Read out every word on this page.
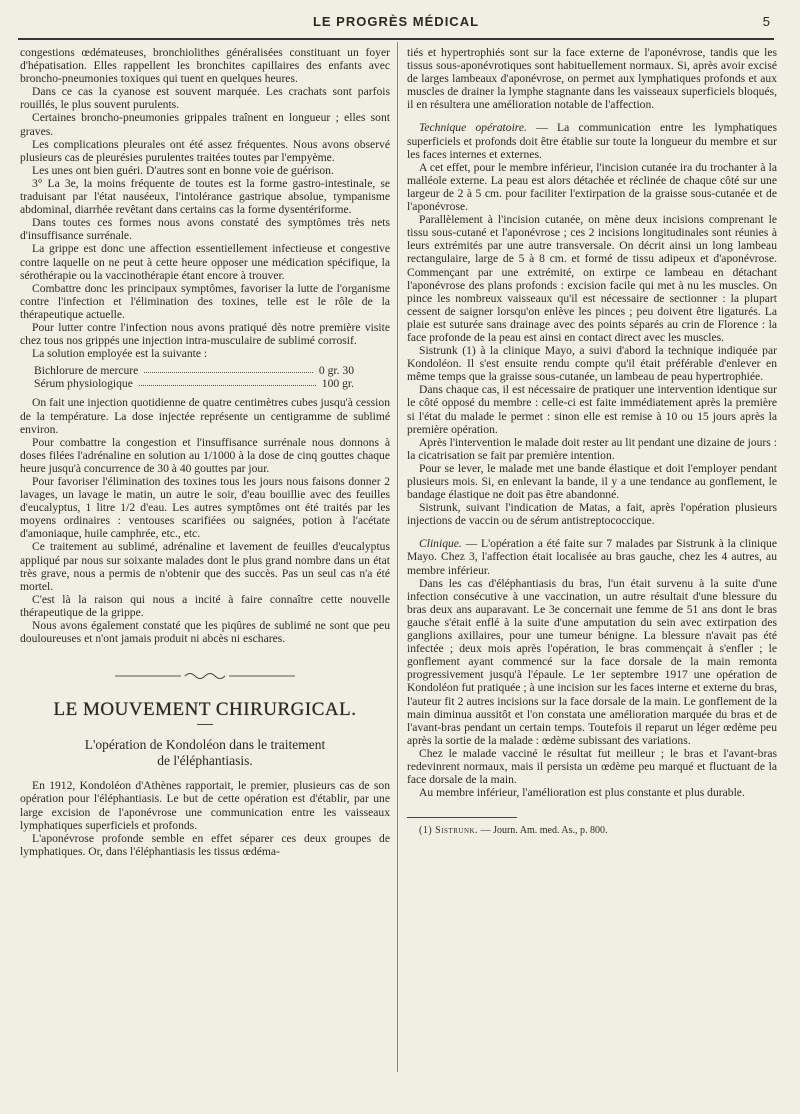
LE PROGRÈS MÉDICAL	5

congestions œdémateuses, bronchiolithes généralisées constituant un foyer d'hépatisation. Elles rappellent les bronchites capillaires des enfants avec broncho-pneumonies toxiques qui tuent en quelques heures.

Dans ce cas la cyanose est souvent marquée. Les crachats sont parfois rouillés, le plus souvent purulents.

Certaines broncho-pneumonies grippales traînent en longueur ; elles sont graves.

Les complications pleurales ont été assez fréquentes. Nous avons observé plusieurs cas de pleurésies purulentes traitées toutes par l'empyème.

Les unes ont bien guéri. D'autres sont en bonne voie de guérison.

3° La 3e, la moins fréquente de toutes est la forme gastro-intestinale, se traduisant par l'état nauséeux, l'intolérance gastrique absolue, tympanisme abdominal, diarrhée revêtant dans certains cas la forme dysentériforme.

Dans toutes ces formes nous avons constaté des symptômes très nets d'insuffisance surrénale.

La grippe est donc une affection essentiellement infectieuse et congestive contre laquelle on ne peut à cette heure opposer une médication spécifique, la sérothérapie ou la vaccinothérapie étant encore à trouver.

Combattre donc les principaux symptômes, favoriser la lutte de l'organisme contre l'infection et l'élimination des toxines, telle est le rôle de la thérapeutique actuelle.

Pour lutter contre l'infection nous avons pratiqué dès notre première visite chez tous nos grippés une injection intra-musculaire de sublimé corrosif.

La solution employée est la suivante :

Bichlorure de mercure	0 gr. 30
Sérum physiologique	100 gr.

On fait une injection quotidienne de quatre centimètres cubes jusqu'à cession de la température. La dose injectée représente un centigramme de sublimé environ.

Pour combattre la congestion et l'insuffisance surrénale nous donnons à doses filées l'adrénaline en solution au 1/1000 à la dose de cinq gouttes chaque heure jusqu'à concurrence de 30 à 40 gouttes par jour.

Pour favoriser l'élimination des toxines tous les jours nous faisons donner 2 lavages, un lavage le matin, un autre le soir, d'eau bouillie avec des feuilles d'eucalyptus, 1 litre 1/2 d'eau. Les autres symptômes ont été traités par les moyens ordinaires : ventouses scarifiées ou saignées, potion à l'acétate d'amoniaque, huile camphrée, etc., etc.

Ce traitement au sublimé, adrénaline et lavement de feuilles d'eucalyptus appliqué par nous sur soixante malades dont le plus grand nombre dans un état très grave, nous a permis de n'obtenir que des succès. Pas un seul cas n'a été mortel.

C'est là la raison qui nous a incité à faire connaître cette nouvelle thérapeutique de la grippe.

Nous avons également constaté que les piqûres de sublimé ne sont que peu douloureuses et n'ont jamais produit ni abcès ni eschares.

LE MOUVEMENT CHIRURGICAL.
L'opération de Kondoléon dans le traitement
de l'éléphantiasis.

En 1912, Kondoléon d'Athènes rapportait, le premier, plusieurs cas de son opération pour l'éléphantiasis. Le but de cette opération est d'établir, par une large excision de l'aponévrose une communication entre les vaisseaux lymphatiques superficiels et profonds.

L'aponévrose profonde semble en effet séparer ces deux groupes de lymphatiques. Or, dans l'éléphantiasis les tissus œdéma-

tiés et hypertrophiés sont sur la face externe de l'aponévrose, tandis que les tissus sous-aponévrotiques sont habituellement normaux. Si, après avoir excisé de larges lambeaux d'aponévrose, on permet aux lymphatiques profonds et aux muscles de drainer la lymphe stagnante dans les vaisseaux superficiels bloqués, il en résultera une amélioration notable de l'affection.

Technique opératoire. — La communication entre les lymphatiques superficiels et profonds doit être établie sur toute la longueur du membre et sur les faces internes et externes.

A cet effet, pour le membre inférieur, l'incision cutanée ira du trochanter à la malléole externe. La peau est alors détachée et réclinée de chaque côté sur une largeur de 2 à 5 cm. pour faciliter l'extirpation de la graisse sous-cutanée et de l'aponévrose.

Parallèlement à l'incision cutanée, on mène deux incisions comprenant le tissu sous-cutané et l'aponévrose ; ces 2 incisions longitudinales sont réunies à leurs extrémités par une autre transversale. On décrit ainsi un long lambeau rectangulaire, large de 5 à 8 cm. et formé de tissu adipeux et d'aponévrose. Commençant par une extrémité, on extirpe ce lambeau en détachant l'aponévrose des plans profonds : excision facile qui met à nu les muscles. On pince les nombreux vaisseaux qu'il est nécessaire de sectionner : la plupart cessent de saigner lorsqu'on enlève les pinces ; peu doivent être ligaturés. La plaie est suturée sans drainage avec des points séparés au crin de Florence : la face profonde de la peau est ainsi en contact direct avec les muscles.

Sistrunk (1) à la clinique Mayo, a suivi d'abord la technique indiquée par Kondoléon. Il s'est ensuite rendu compte qu'il était préférable d'enlever en même temps que la graisse sous-cutanée, un lambeau de peau hypertrophiée.

Dans chaque cas, il est nécessaire de pratiquer une intervention identique sur le côté opposé du membre : celle-ci est faite immédiatement après la première si l'état du malade le permet : sinon elle est remise à 10 ou 15 jours après la première opération.

Après l'intervention le malade doit rester au lit pendant une dizaine de jours : la cicatrisation se fait par première intention.

Pour se lever, le malade met une bande élastique et doit l'employer pendant plusieurs mois. Si, en enlevant la bande, il y a une tendance au gonflement, le bandage élastique ne doit pas être abandonné.

Sistrunk, suivant l'indication de Matas, a fait, après l'opération plusieurs injections de vaccin ou de sérum antistreptococcique.

Clinique. — L'opération a été faite sur 7 malades par Sistrunk à la clinique Mayo. Chez 3, l'affection était localisée au bras gauche, chez les 4 autres, au membre inférieur.

Dans les cas d'éléphantiasis du bras, l'un était survenu à la suite d'une infection consécutive à une vaccination, un autre résultait d'une blessure du bras deux ans auparavant. Le 3e concernait une femme de 51 ans dont le bras gauche s'était enflé à la suite d'une amputation du sein avec extirpation des ganglions axillaires, pour une tumeur bénigne. La blessure n'avait pas été infectée ; deux mois après l'opération, le bras commençait à s'enfler ; le gonflement ayant commencé sur la face dorsale de la main remonta progressivement jusqu'à l'épaule. Le 1er septembre 1917 une opération de Kondoléon fut pratiquée ; à une incision sur les faces interne et externe du bras, l'auteur fit 2 autres incisions sur la face dorsale de la main. Le gonflement de la main diminua aussitôt et l'on constata une amélioration marquée du bras et de l'avant-bras pendant un certain temps. Toutefois il reparut un léger œdème peu après la sortie de la malade : œdème subissant des variations.

Chez le malade vacciné le résultat fut meilleur ; le bras et l'avant-bras redevinrent normaux, mais il persista un œdème peu marqué et fluctuant de la face dorsale de la main.

Au membre inférieur, l'amélioration est plus constante et plus durable.

(1) Sistrunk. — Journ. Am. med. As., p. 800.
